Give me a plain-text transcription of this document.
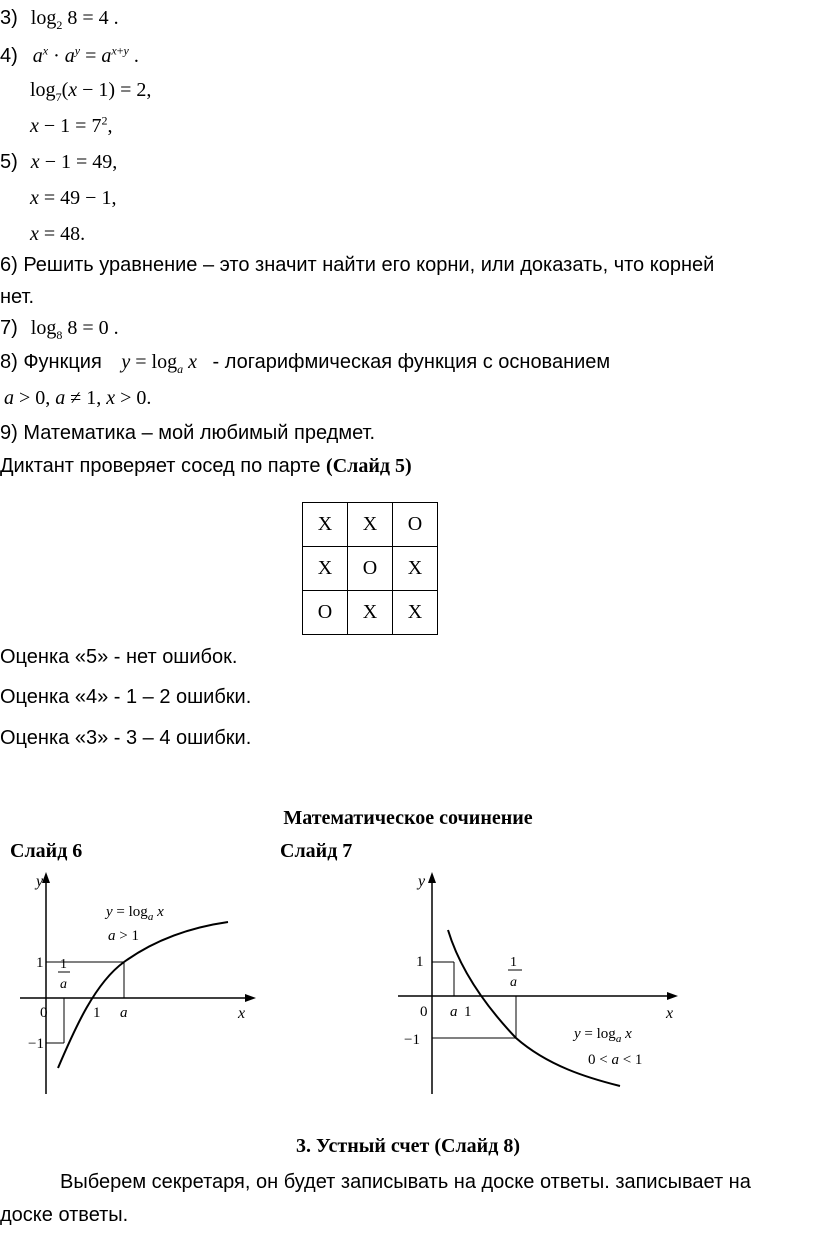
3) $\log_2 8 = 4$ .
4) $a^x \cdot a^y = a^{x+y}$ .
$\log_7(x - 1) = 2$,
$x - 1 = 7^2$,
5) x − 1 = 49,
x = 49 − 1,
x = 48.
6) Решить уравнение – это значит найти его корни, или доказать, что корней
нет.
7) $\log_8 8 = 0$ .
8) Функция $y = \log_a x$ - логарифмическая функция с основанием
a > 0, a ≠ 1, x > 0.
9) Математика – мой любимый предмет.
Диктант проверяет сосед по парте (Слайд 5)
Х	Х	О
Х	О	Х
О	Х	Х
Оценка «5» - нет ошибок.
Оценка «4» - 1 – 2 ошибки.
Оценка «3» - 3 – 4 ошибки.
Математическое сочинение
Слайд 6	Слайд 7
y
x
$y = \log_a x$
a > 1
1 1
a
0	1 a
−1
y
x
1	1
a
0 a 1
−1	$y = \log_a x$
0 < a < 1
3. Устный счет (Слайд 8)
Выберем секретаря, он будет записывать на доске ответы. записывает на
доске ответы.
